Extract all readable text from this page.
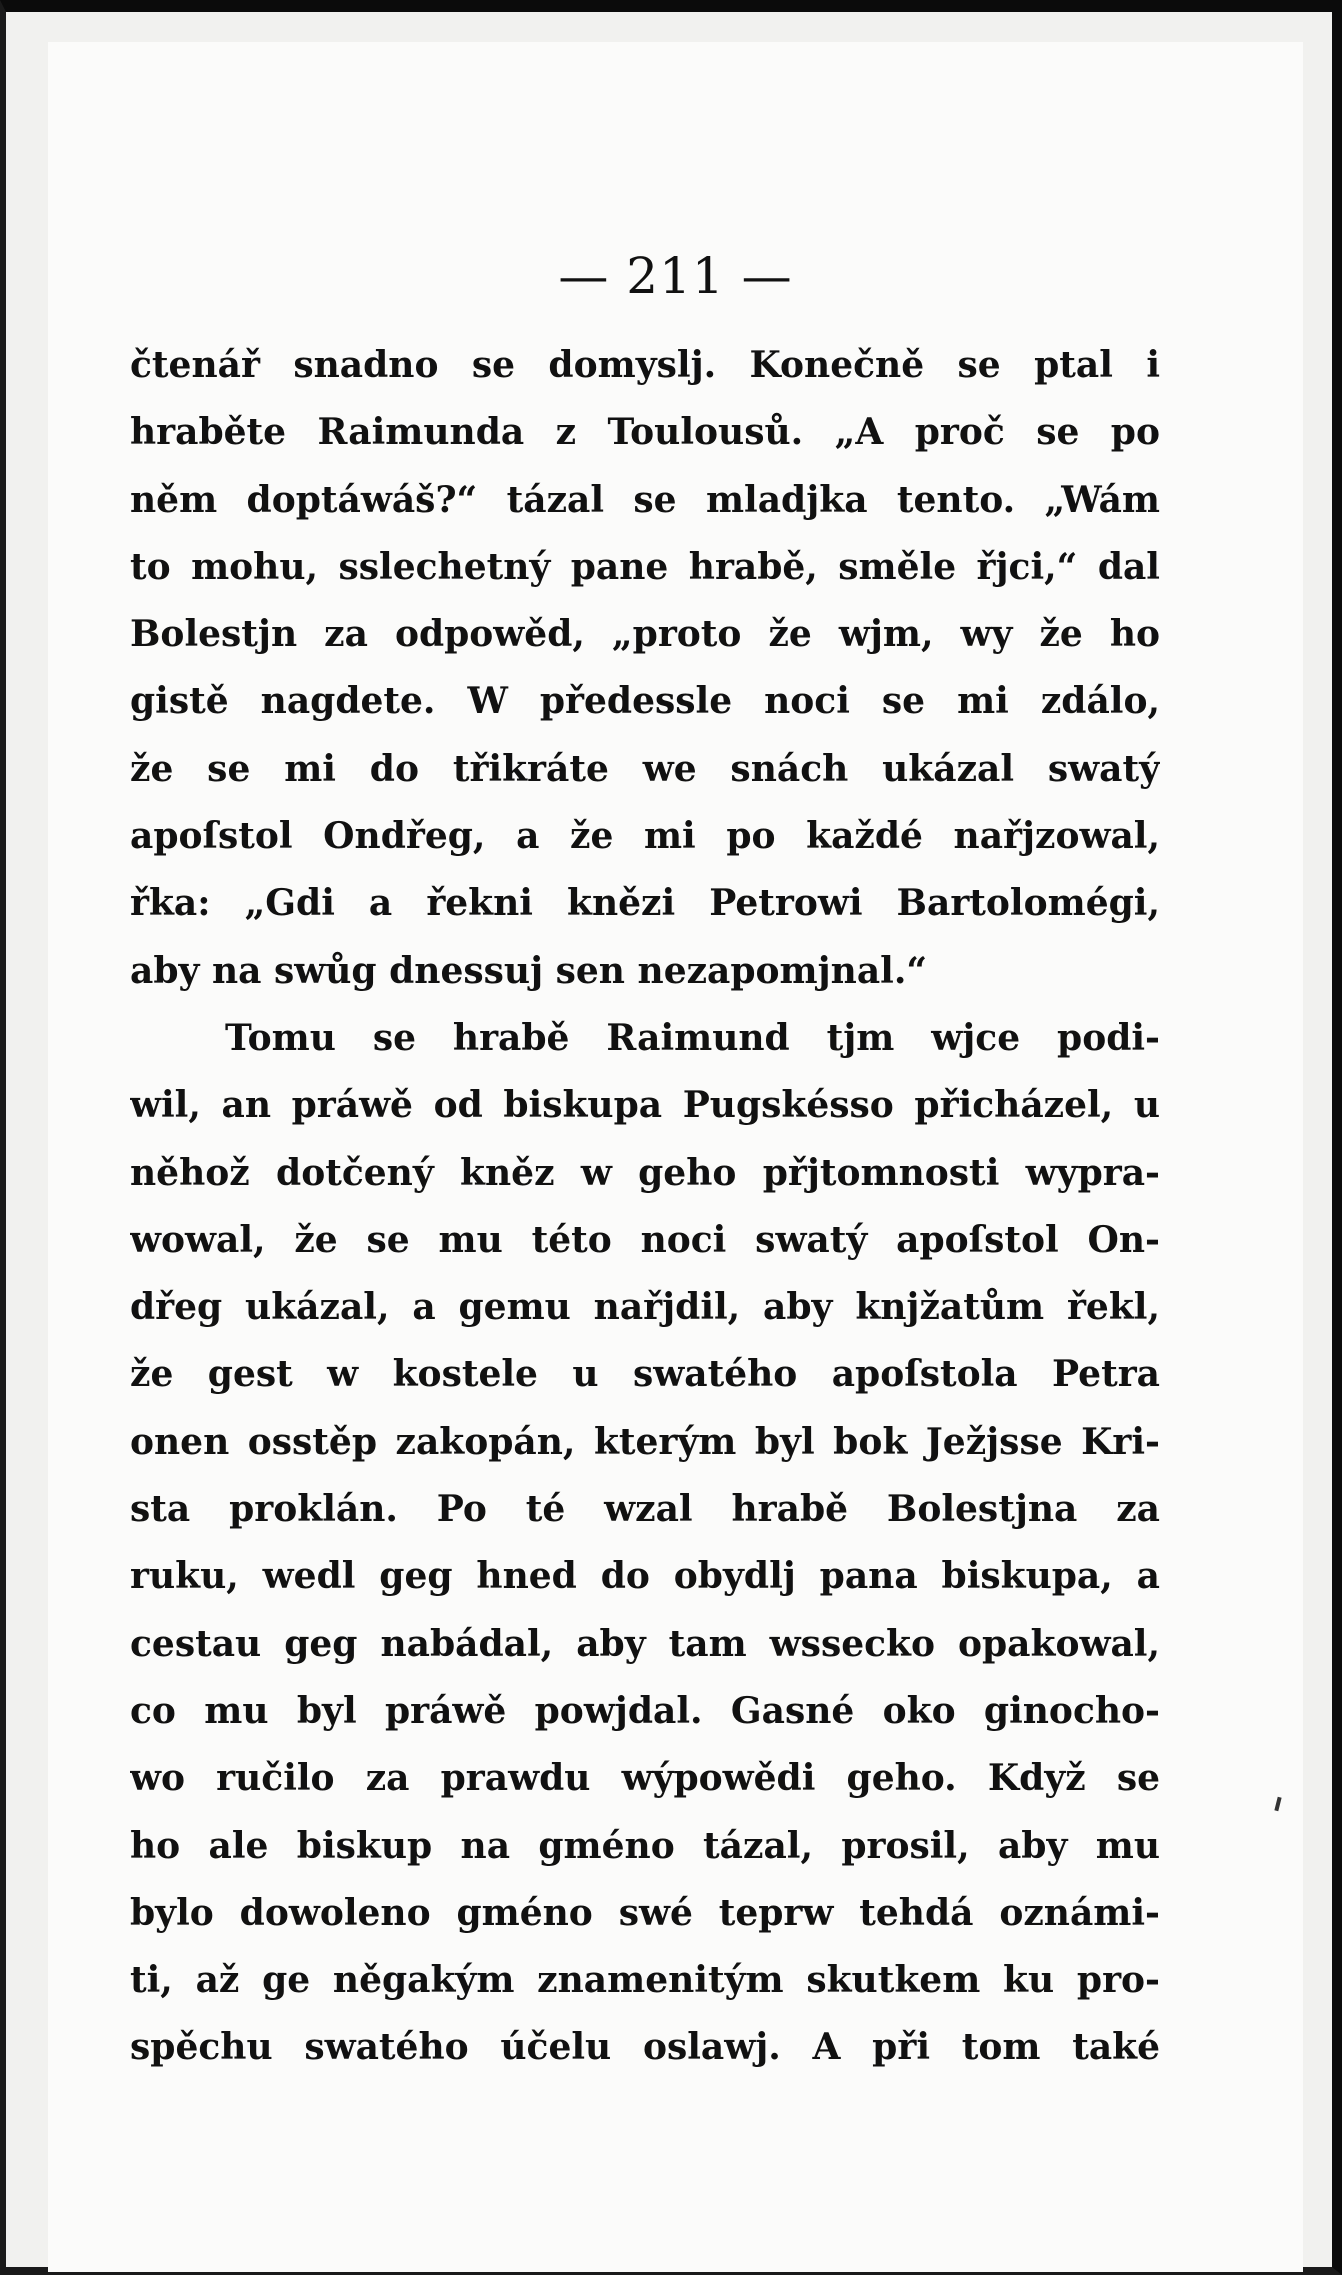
— 211 —
čtenář snadno se domyslj. Konečně se ptal i
hraběte Raimunda z Toulousů. „A proč se po
něm doptáwáš?“ tázal se mladjka tento. „Wám
to mohu, sslechetný pane hrabě, směle řjci,“ dal
Bolestjn za odpowěd, „proto že wjm, wy že ho
gistě nagdete. W předessle noci se mi zdálo,
že se mi do třikráte we snách ukázal swatý
apoſstol Ondřeg, a že mi po každé nařjzowal,
řka: „Gdi a řekni knězi Petrowi Bartolomégi,
aby na swůg dnessuj sen nezapomjnal.“
Tomu se hrabě Raimund tjm wjce podi-
wil, an práwě od biskupa Pugskésso přicházel, u
něhož dotčený kněz w geho přjtomnosti wypra-
wowal, že se mu této noci swatý apoſstol On-
dřeg ukázal, a gemu nařjdil, aby knjžatům řekl,
že gest w kostele u swatého apoſstola Petra
onen osstěp zakopán, kterým byl bok Ježjsse Kri-
sta proklán. Po té wzal hrabě Bolestjna za
ruku, wedl geg hned do obydlj pana biskupa, a
cestau geg nabádal, aby tam wssecko opakowal,
co mu byl práwě powjdal. Gasné oko ginocho-
wo ručilo za prawdu wýpowědi geho. Když se
ho ale biskup na gméno tázal, prosil, aby mu
bylo dowoleno gméno swé teprw tehdá oznámi-
ti, až ge něgakým znamenitým skutkem ku pro-
spěchu swatého účelu oslawj. A při tom také
